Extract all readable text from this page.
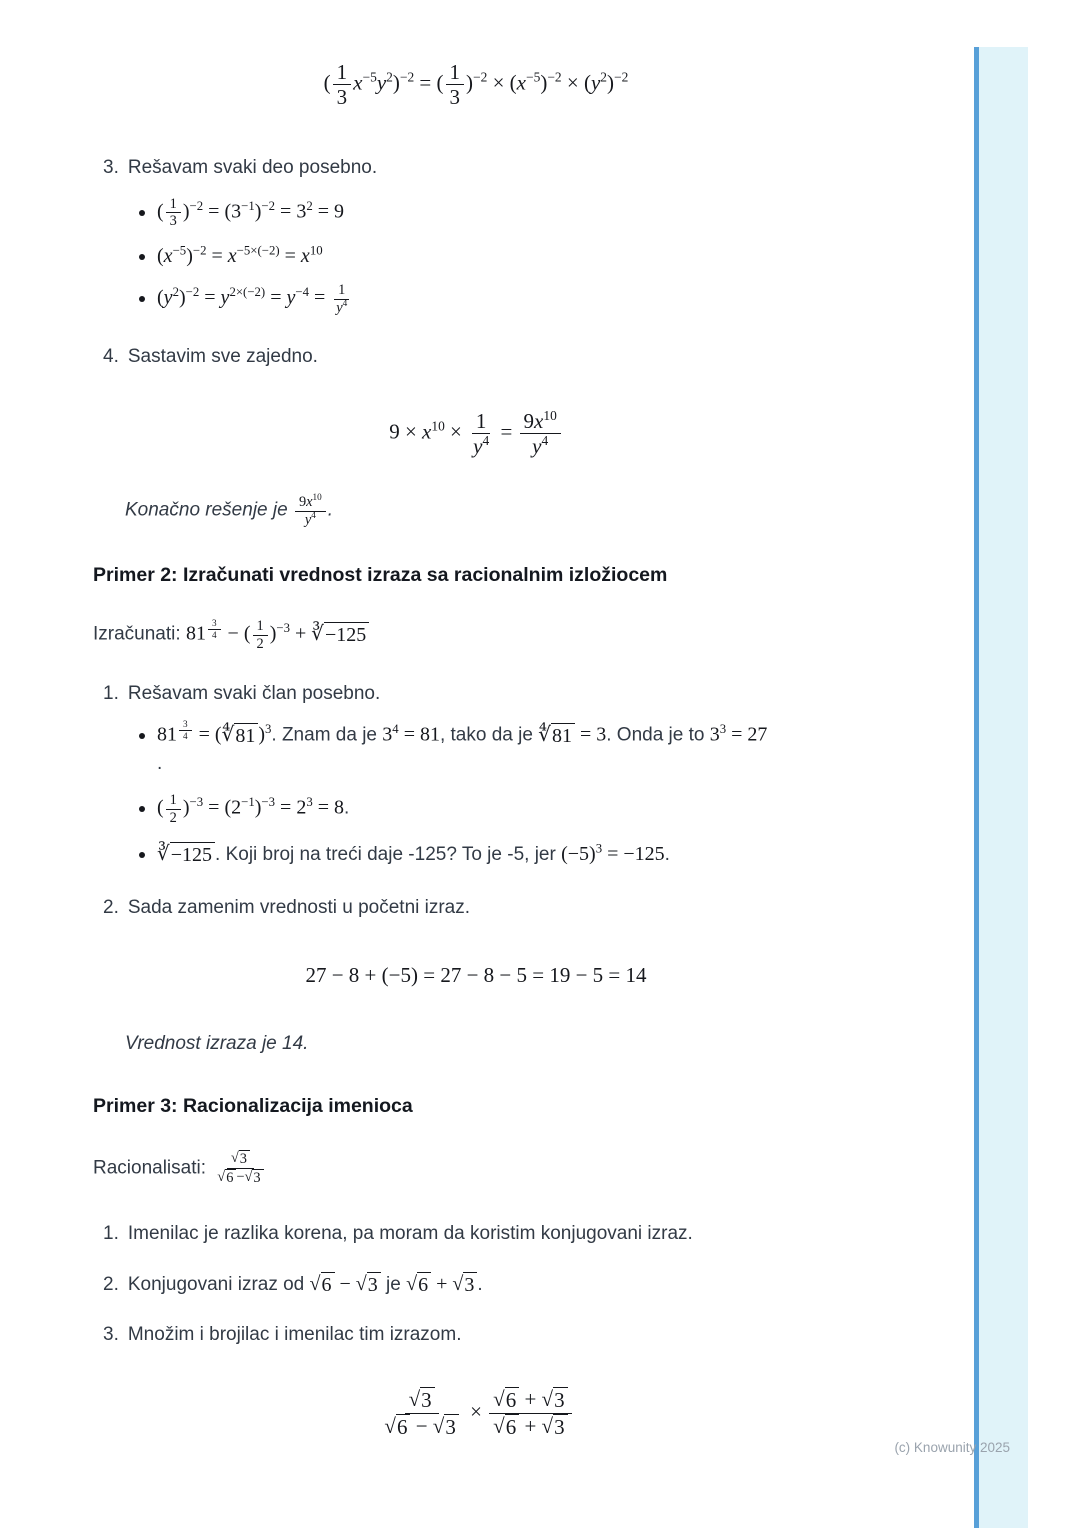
( $\frac{1}{3} x^{-5}y^2)^{-2}$ = ( $\frac{1}{3} )^{-2} \times (x^{-5})^{-2} \times (y^2)^{-2}$
3. Rešavam svaki deo posebno.
• ( $\frac{1}{3} )^{-2} = (3^{-1})^{-2} = 3^2 = 9$
• $(x^{-5})^{-2} = x^{-5\times(-2)} = x^{10}$
• $(y^2)^{-2} = y^{2\times(-2)} = y^{-4} = \frac{1}{y^4}$
4. Sastavim sve zajedno.
$9 \times x^{10} \times \frac{1}{y^4} = \frac{9x^{10}}{y^4}$

Konačno rešenje je $\frac{9x^{10}}{y^4}$ .

Primer 2: Izračunati vrednost izraza sa racionalnim izložiocem

Izračunati: 81 $^{\frac{3}{4}}$ − ( $\frac{1}{2} )^{-3}$ + ∛ −125

1. Rešavam svaki član posebno.
• 81 $^{\frac{3}{4}}$ = ( ∜ 81 )$^3$. Znam da je $3^4 = 81$, tako da je ∜ 81 = 3. Onda je to $3^3 = 27$
.
• ( $\frac{1}{2} )^{-3} = (2^{-1})^{-3} = 2^3 = 8$.
• ∛ −125 . Koji broj na treći daje -125? To je -5, jer $(-5)^3 = -125$.
2. Sada zamenim vrednosti u početni izraz.
27 − 8 + (−5) = 27 − 8 − 5 = 19 − 5 = 14

Vrednost izraza je 14.

Primer 3: Racionalizacija imenioca

Racionalisati: $\frac{√ 3}{√ 6 - √ 3}$

1. Imenilac je razlika korena, pa moram da koristim konjugovani izraz.
2. Konjugovani izraz od √ 6 − √ 3 je √ 6 + √ 3 .
3. Množim i brojilac i imenilac tim izrazom.
$\frac{√ 3}{√ 6 - √ 3} \times \frac{√ 6 + √ 3}{√ 6 + √ 3}$
(c) Knowunity 2025
